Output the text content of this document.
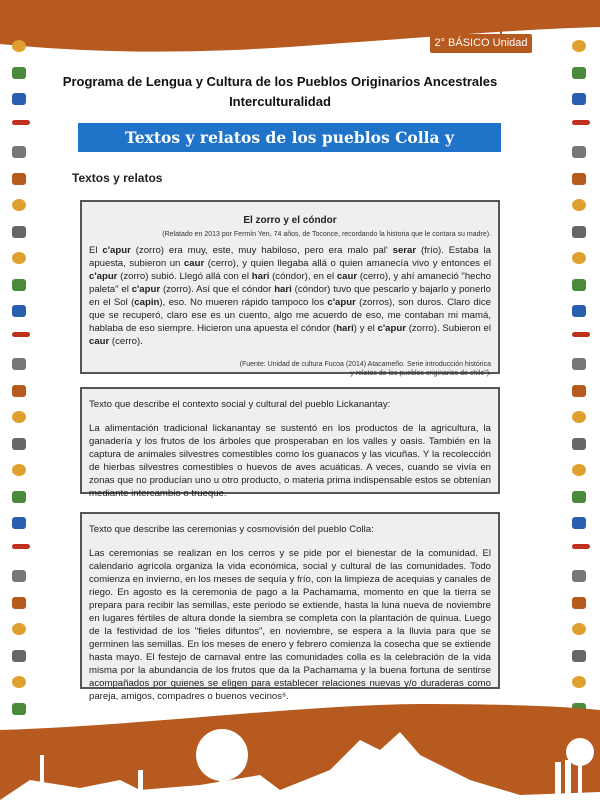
2° BÁSICO Unidad 2
Programa de Lengua y Cultura de los Pueblos Originarios Ancestrales
Interculturalidad
Textos y relatos de los pueblos Colla y Lickanantay
Textos y relatos
El zorro y el cóndor
(Relatado en 2013 por Fermín Yen, 74 años, de Toconce, recordando la historia que le contara su madre).

El c'apur (zorro) era muy, este, muy habiloso, pero era malo pal' serar (frío). Estaba la apuesta, subieron un caur (cerro), y quien llegaba allá o quien amanecía vivo y entonces el c'apur (zorro) subió. Llegó allá con el hari (cóndor), en el caur (cerro), y ahí amaneció "hecho paleta" el c'apur (zorro). Así que el cóndor hari (cóndor) tuvo que pescarlo y bajarlo y ponerlo en el Sol (capin), eso. No mueren rápido tampoco los c'apur (zorros), son duros. Claro dice que se recuperó, claro ese es un cuento, algo me acuerdo de eso, me contaban mi mamá, hablaba de eso siempre. Hicieron una apuesta el cóndor (hari) y el c'apur (zorro). Subieron el caur (cerro).

(Fuente: Unidad de cultura Fucoa (2014) Atacameño. Serie introducción histórica y relatos de los pueblos originarios de chile").

Texto que describe el contexto social y cultural del pueblo Lickanantay:

La alimentación tradicional lickanantay se sustentó en los productos de la agricultura, la ganadería y los frutos de los árboles que prosperaban en los valles y oasis. También en la captura de animales silvestres comestibles como los guanacos y las vicuñas. Y la recolección de hierbas silvestres comestibles o huevos de aves acuáticas. A veces, cuando se vivía en zonas que no producían uno u otro producto, o materia prima indispensable estos se obtenían mediante intercambio o trueque.

Texto que describe las ceremonias y cosmovisión del pueblo Colla:

Las ceremonias se realizan en los cerros y se pide por el bienestar de la comunidad. El calendario agrícola organiza la vida económica, social y cultural de las comunidades. Todo comienza en invierno, en los meses de sequía y frío, con la limpieza de acequias y canales de riego. En agosto es la ceremonia de pago a la Pachamama, momento en que la tierra se prepara para recibir las semillas, este periodo se extiende, hasta la luna nueva de noviembre en lugares fértiles de altura donde la siembra se completa con la plantación de quinua. Luego de la festividad de los "fieles difuntos", en noviembre, se espera a la lluvia para que se germinen las semillas. En los meses de enero y febrero comienza la cosecha que se extiende hasta mayo. El festejo de carnaval entre las comunidades colla es la celebración de la vida misma por la abundancia de los frutos que da la Pachamama y la buena fortuna de sentirse acompañados por quienes se eligen para establecer relaciones nuevas y/o duraderas como pareja, amigos, compadres o buenos vecinos⁸.
